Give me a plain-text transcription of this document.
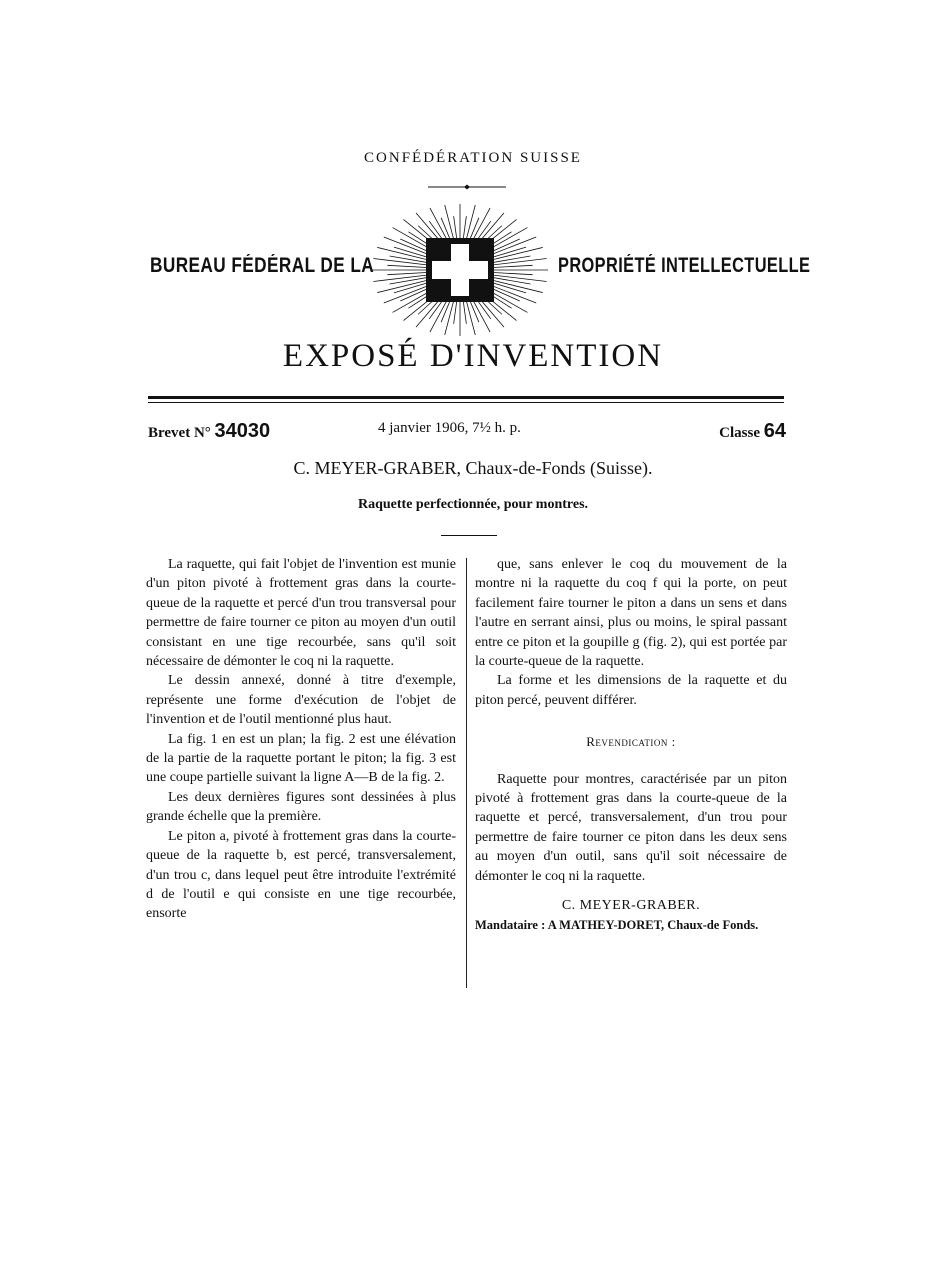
CONFÉDÉRATION SUISSE
BUREAU FÉDÉRAL DE LA	PROPRIÉTÉ INTELLECTUELLE
EXPOSÉ D'INVENTION
Brevet N° 34030	4 janvier 1906, 7½ h. p.	Classe 64
C. MEYER-GRABER, Chaux-de-Fonds (Suisse).
Raquette perfectionnée, pour montres.

La raquette, qui fait l'objet de l'invention est munie d'un piton pivoté à frottement gras dans la courte-queue de la raquette et percé d'un trou transversal pour permettre de faire tourner ce piton au moyen d'un outil consistant en une tige recourbée, sans qu'il soit nécessaire de démonter le coq ni la raquette.

Le dessin annexé, donné à titre d'exemple, représente une forme d'exécution de l'objet de l'invention et de l'outil mentionné plus haut.

La fig. 1 en est un plan; la fig. 2 est une élévation de la partie de la raquette portant le piton; la fig. 3 est une coupe partielle suivant la ligne A—B de la fig. 2.

Les deux dernières figures sont dessinées à plus grande échelle que la première.

Le piton a, pivoté à frottement gras dans la courte-queue de la raquette b, est percé, transversalement, d'un trou c, dans lequel peut être introduite l'extrémité d de l'outil e qui consiste en une tige recourbée, ensorte

que, sans enlever le coq du mouvement de la montre ni la raquette du coq f qui la porte, on peut facilement faire tourner le piton a dans un sens et dans l'autre en serrant ainsi, plus ou moins, le spiral passant entre ce piton et la goupille g (fig. 2), qui est portée par la courte-queue de la raquette.

La forme et les dimensions de la raquette et du piton percé, peuvent différer.

Revendication :

Raquette pour montres, caractérisée par un piton pivoté à frottement gras dans la courte-queue de la raquette et percé, transversalement, d'un trou pour permettre de faire tourner ce piton dans les deux sens au moyen d'un outil, sans qu'il soit nécessaire de démonter le coq ni la raquette.

C. MEYER-GRABER.

Mandataire : A MATHEY-DORET, Chaux-de Fonds.
